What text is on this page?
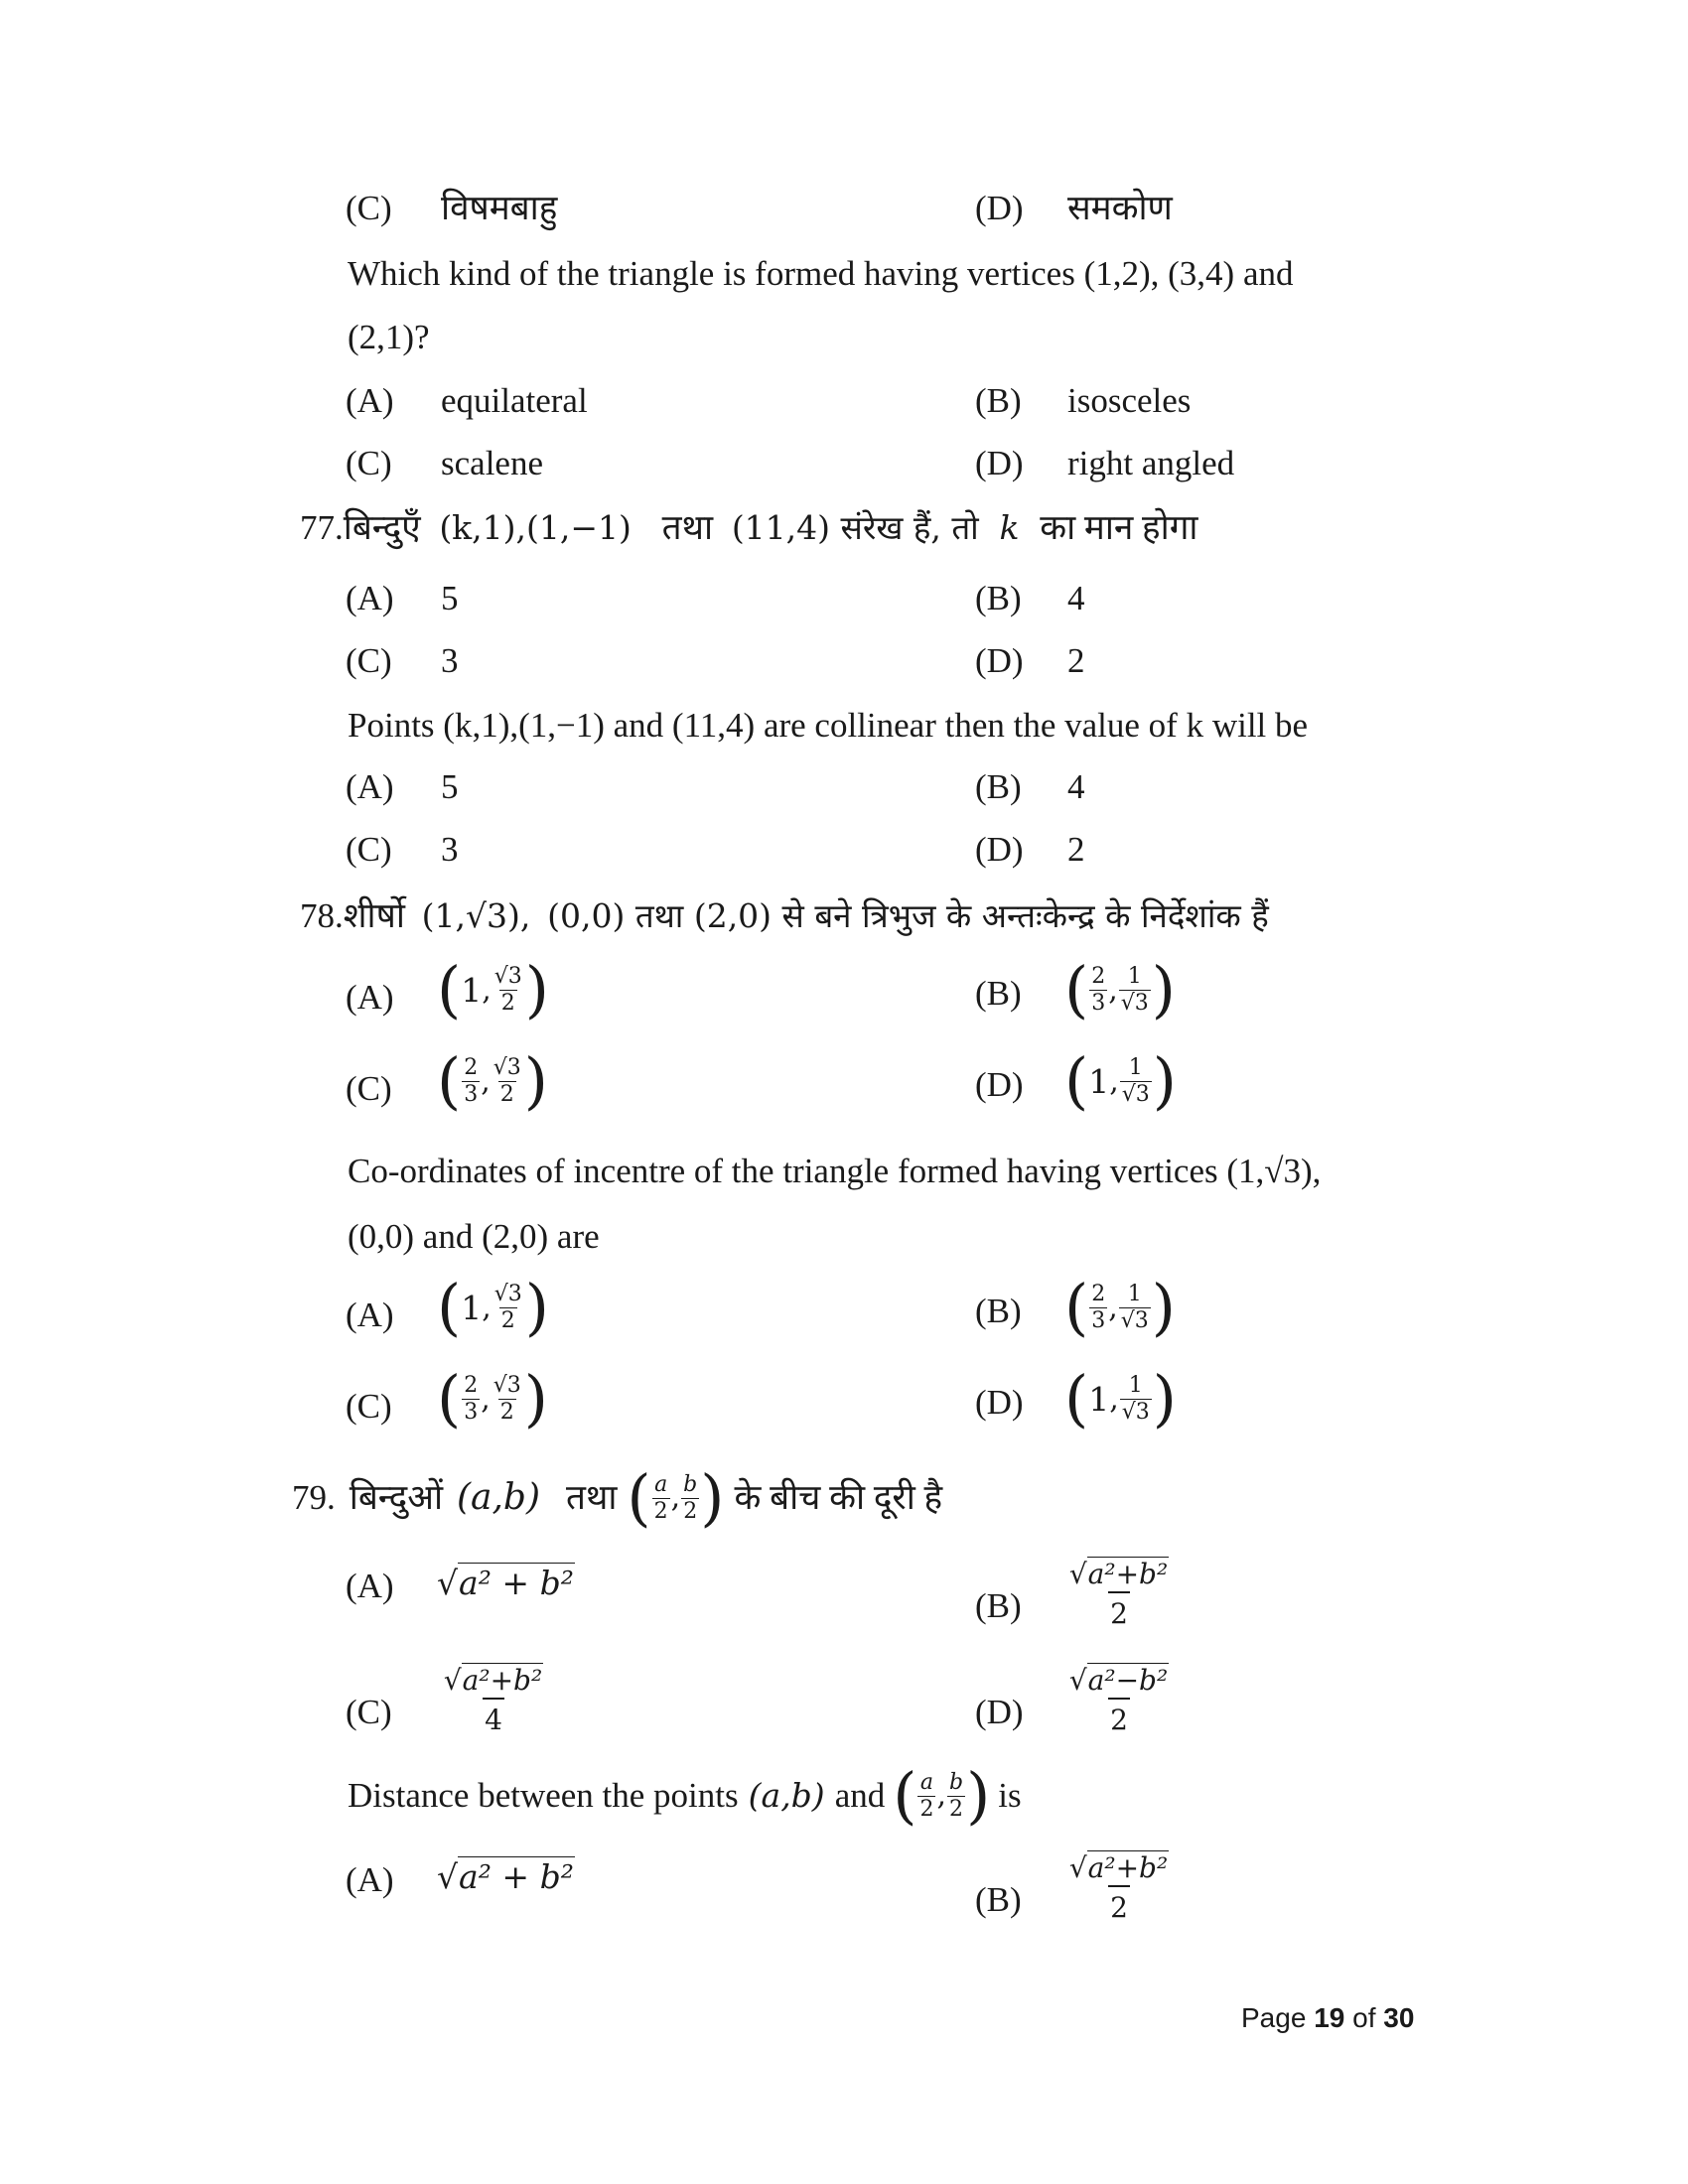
(C) विषमबाहु	(D) समकोण
Which kind of the triangle is formed having vertices (1,2), (3,4) and
(2,1)?
(A) equilateral	(B) isosceles
(C) scalene	(D) right angled
77.बिन्दुएँ (k,1),(1,−1) तथा (11,4) संरेख हैं, तो k का मान होगा
(A) 5	(B) 4
(C) 3	(D) 2
Points (k,1),(1,−1) and (11,4) are collinear then the value of k will be
(A) 5	(B) 4
(C) 3	(D) 2
78.शीर्षो (1,√3), (0,0) तथा (2,0) से बने त्रिभुज के अन्तःकेन्द्र के निर्देशांक हैं
(A) ( 1 , $\frac{√3}{2}$ )	(B) ( $\frac{2}{3}$ , $\frac{1}{√3}$ )
(C) ( $\frac{2}{3}$ , $\frac{√3}{2}$ )	(D) ( 1 , $\frac{1}{√3}$ )
Co-ordinates of incentre of the triangle formed having vertices (1,√3),
(0,0) and (2,0) are
(A) ( 1 , $\frac{√3}{2}$ )	(B) ( $\frac{2}{3}$ , $\frac{1}{√3}$ )
(C) ( $\frac{2}{3}$ , $\frac{√3}{2}$ )	(D) ( 1 , $\frac{1}{√3}$ )
79. बिन्दुओं (a,b) तथा ( $\frac{a}{2}$ , $\frac{b}{2}$ ) के बीच की दूरी है
(A) √a² + b²
$(B) \frac{\text{√a²+b²}}{2}$
$(C) \frac{\text{√a²+b²}}{4}$	$(D) \frac{\text{√a²−b²}}{2}$
Distance between the points (a,b) and ( $\frac{a}{2}$ , $\frac{b}{2}$ ) is
(A) √a² + b²
$(B) \frac{\text{√a²+b²}}{2}$
Page 19 of 30
